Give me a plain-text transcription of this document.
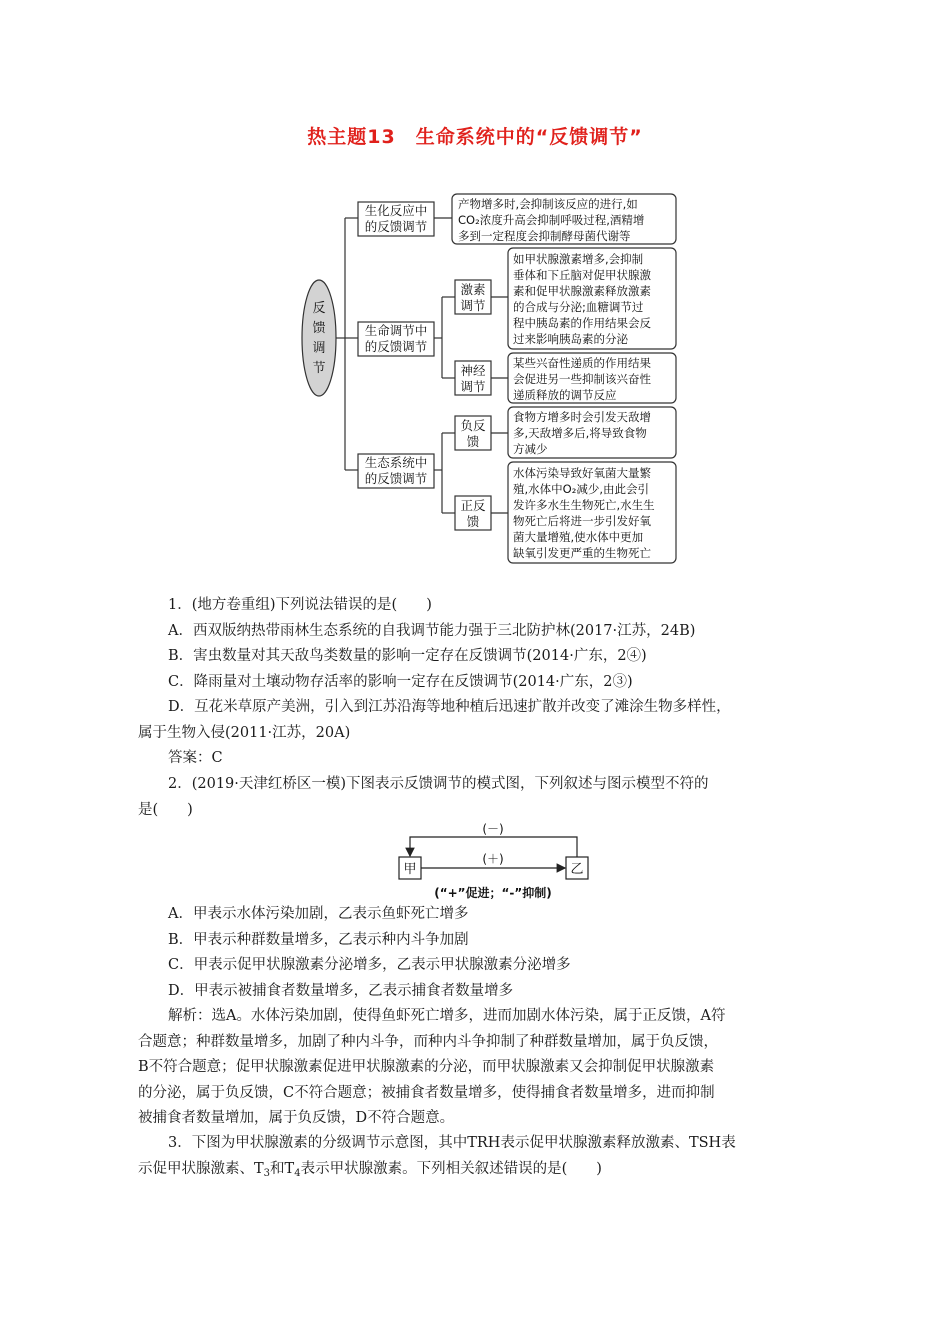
热主题13　生命系统中的“反馈调节”
反
馈
调
节
生化反应中
的反馈调节
生命调节中
的反馈调节
生态系统中
的反馈调节
激素
调节
神经
调节
负反
馈
正反
馈
产物增多时,会抑制该反应的进行,如
CO₂浓度升高会抑制呼吸过程,酒精增
多到一定程度会抑制酵母菌代谢等
如甲状腺激素增多,会抑制
垂体和下丘脑对促甲状腺激
素和促甲状腺激素释放激素
的合成与分泌;血糖调节过
程中胰岛素的作用结果会反
过来影响胰岛素的分泌
某些兴奋性递质的作用结果
会促进另一些抑制该兴奋性
递质释放的调节反应
食物方增多时会引发天敌增
多,天敌增多后,将导致食物
方减少
水体污染导致好氧菌大量繁
殖,水体中O₂减少,由此会引
发许多水生生物死亡,水生生
物死亡后将进一步引发好氧
菌大量增殖,使水体中更加
缺氧引发更严重的生物死亡
1．(地方卷重组)下列说法错误的是(　　)
A．西双版纳热带雨林生态系统的自我调节能力强于三北防护林(2017·江苏，24B)
B．害虫数量对其天敌鸟类数量的影响一定存在反馈调节(2014·广东，2④)
C．降雨量对土壤动物存活率的影响一定存在反馈调节(2014·广东，2③)
D．互花米草原产美洲，引入到江苏沿海等地种植后迅速扩散并改变了滩涂生物多样性，
属于生物入侵(2011·江苏，20A)
答案：C
2．(2019·天津红桥区一模)下图表示反馈调节的模式图，下列叙述与图示模型不符的
是(　　)
(－)
(＋)
甲	乙
(“+”促进；“-”抑制)
A．甲表示水体污染加剧，乙表示鱼虾死亡增多
B．甲表示种群数量增多，乙表示种内斗争加剧
C．甲表示促甲状腺激素分泌增多，乙表示甲状腺激素分泌增多
D．甲表示被捕食者数量增多，乙表示捕食者数量增多
解析：选A。水体污染加剧，使得鱼虾死亡增多，进而加剧水体污染，属于正反馈，A符
合题意；种群数量增多，加剧了种内斗争，而种内斗争抑制了种群数量增加，属于负反馈，
B不符合题意；促甲状腺激素促进甲状腺激素的分泌，而甲状腺激素又会抑制促甲状腺激素
的分泌，属于负反馈，C不符合题意；被捕食者数量增多，使得捕食者数量增多，进而抑制
被捕食者数量增加，属于负反馈，D不符合题意。
3．下图为甲状腺激素的分级调节示意图，其中TRH表示促甲状腺激素释放激素、TSH表
示促甲状腺激素、$T_3$和$T_4$表示甲状腺激素。下列相关叙述错误的是(　　)
